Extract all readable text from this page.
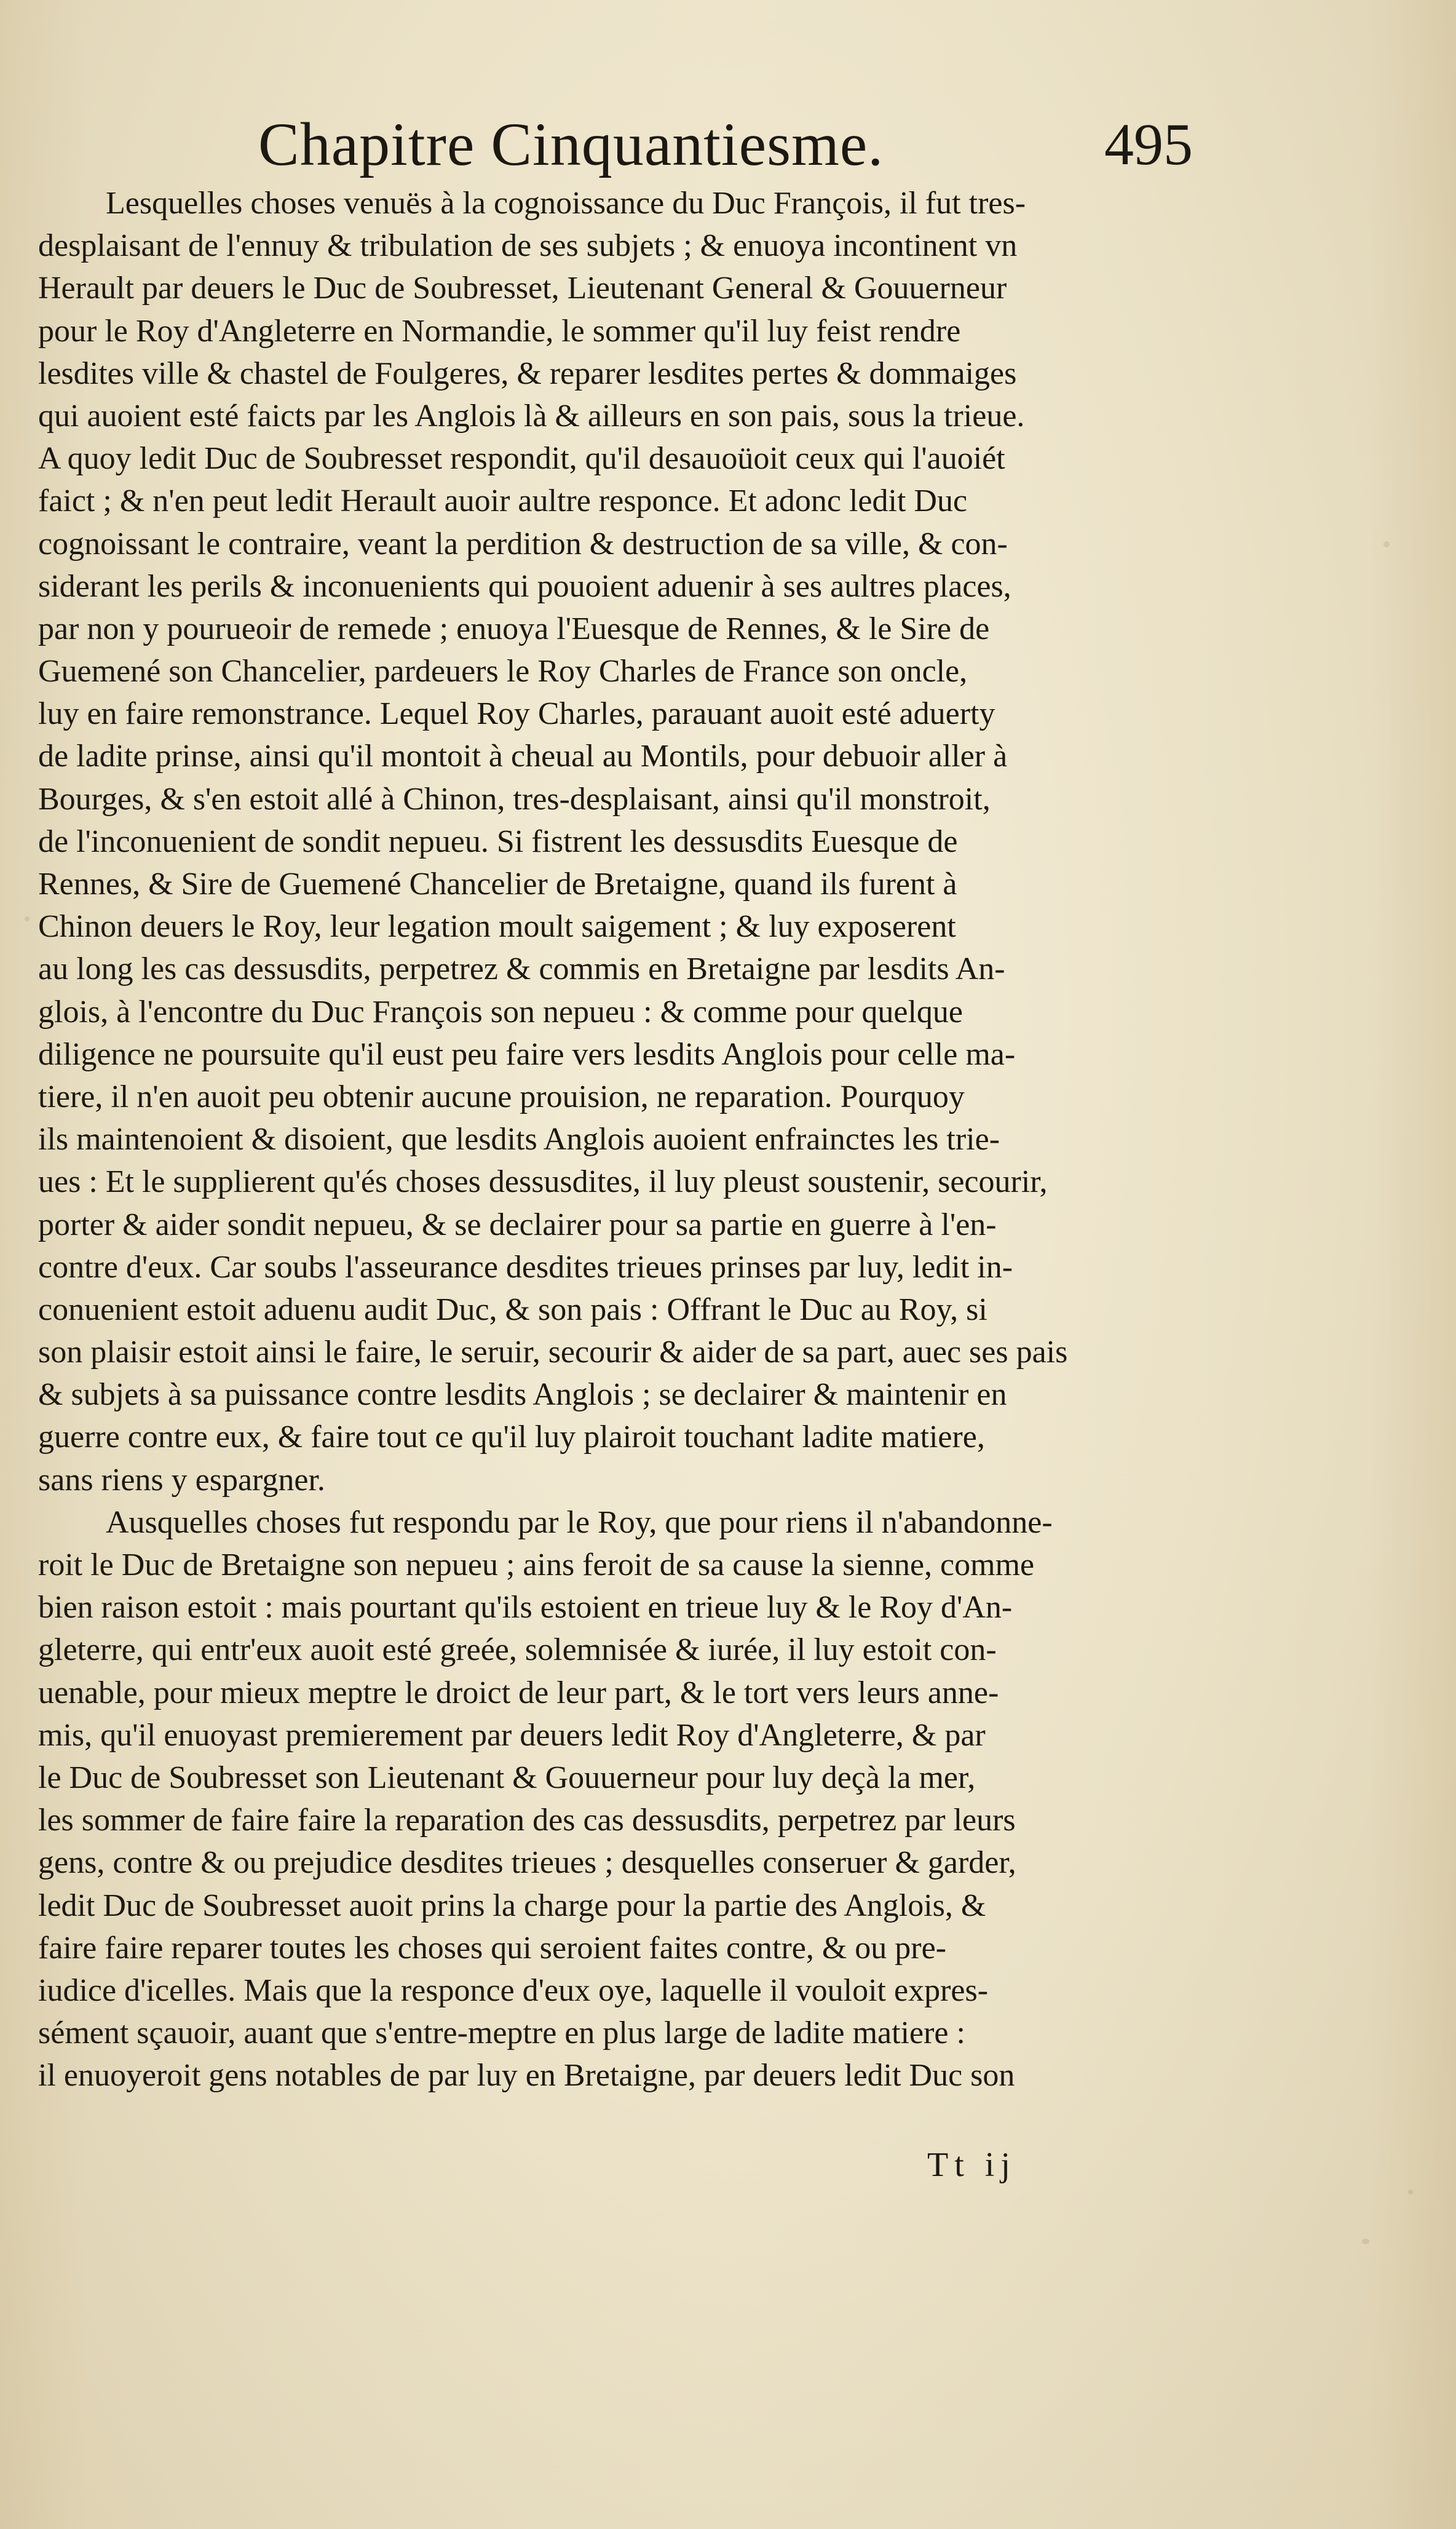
Chapitre Cinquantiesme.	495
Lesquelles choses venuës à la cognoissance du Duc François, il fut tres-
desplaisant de l'ennuy & tribulation de ses subjets ; & enuoya incontinent vn
Herault par deuers le Duc de Soubresset, Lieutenant General & Gouuerneur
pour le Roy d'Angleterre en Normandie, le sommer qu'il luy feist rendre
lesdites ville & chastel de Foulgeres, & reparer lesdites pertes & dommaiges
qui auoient esté faicts par les Anglois là & ailleurs en son pais, sous la trieue.
A quoy ledit Duc de Soubresset respondit, qu'il desauoüoit ceux qui l'auoiét
faict ; & n'en peut ledit Herault auoir aultre responce. Et adonc ledit Duc
cognoissant le contraire, veant la perdition & destruction de sa ville, & con-
siderant les perils & inconuenients qui pouoient aduenir à ses aultres places,
par non y pourueoir de remede ; enuoya l'Euesque de Rennes, & le Sire de
Guemené son Chancelier, pardeuers le Roy Charles de France son oncle,
luy en faire remonstrance. Lequel Roy Charles, parauant auoit esté aduerty
de ladite prinse, ainsi qu'il montoit à cheual au Montils, pour debuoir aller à
Bourges, & s'en estoit allé à Chinon, tres-desplaisant, ainsi qu'il monstroit,
de l'inconuenient de sondit nepueu. Si fistrent les dessusdits Euesque de
Rennes, & Sire de Guemené Chancelier de Bretaigne, quand ils furent à
Chinon deuers le Roy, leur legation moult saigement ; & luy exposerent
au long les cas dessusdits, perpetrez & commis en Bretaigne par lesdits An-
glois, à l'encontre du Duc François son nepueu : & comme pour quelque
diligence ne poursuite qu'il eust peu faire vers lesdits Anglois pour celle ma-
tiere, il n'en auoit peu obtenir aucune prouision, ne reparation. Pourquoy
ils maintenoient & disoient, que lesdits Anglois auoient enfrainctes les trie-
ues : Et le supplierent qu'és choses dessusdites, il luy pleust soustenir, secourir,
porter & aider sondit nepueu, & se declairer pour sa partie en guerre à l'en-
contre d'eux. Car soubs l'asseurance desdites trieues prinses par luy, ledit in-
conuenient estoit aduenu audit Duc, & son pais : Offrant le Duc au Roy, si
son plaisir estoit ainsi le faire, le seruir, secourir & aider de sa part, auec ses pais
& subjets à sa puissance contre lesdits Anglois ; se declairer & maintenir en
guerre contre eux, & faire tout ce qu'il luy plairoit touchant ladite matiere,
sans riens y espargner.
Ausquelles choses fut respondu par le Roy, que pour riens il n'abandonne-
roit le Duc de Bretaigne son nepueu ; ains feroit de sa cause la sienne, comme
bien raison estoit : mais pourtant qu'ils estoient en trieue luy & le Roy d'An-
gleterre, qui entr'eux auoit esté greée, solemnisée & iurée, il luy estoit con-
uenable, pour mieux meptre le droict de leur part, & le tort vers leurs anne-
mis, qu'il enuoyast premierement par deuers ledit Roy d'Angleterre, & par
le Duc de Soubresset son Lieutenant & Gouuerneur pour luy deçà la mer,
les sommer de faire faire la reparation des cas dessusdits, perpetrez par leurs
gens, contre & ou prejudice desdites trieues ; desquelles conseruer & garder,
ledit Duc de Soubresset auoit prins la charge pour la partie des Anglois, &
faire faire reparer toutes les choses qui seroient faites contre, & ou pre-
iudice d'icelles. Mais que la responce d'eux oye, laquelle il vouloit expres-
sément sçauoir, auant que s'entre-meptre en plus large de ladite matiere :
il enuoyeroit gens notables de par luy en Bretaigne, par deuers ledit Duc son
Tt ij
